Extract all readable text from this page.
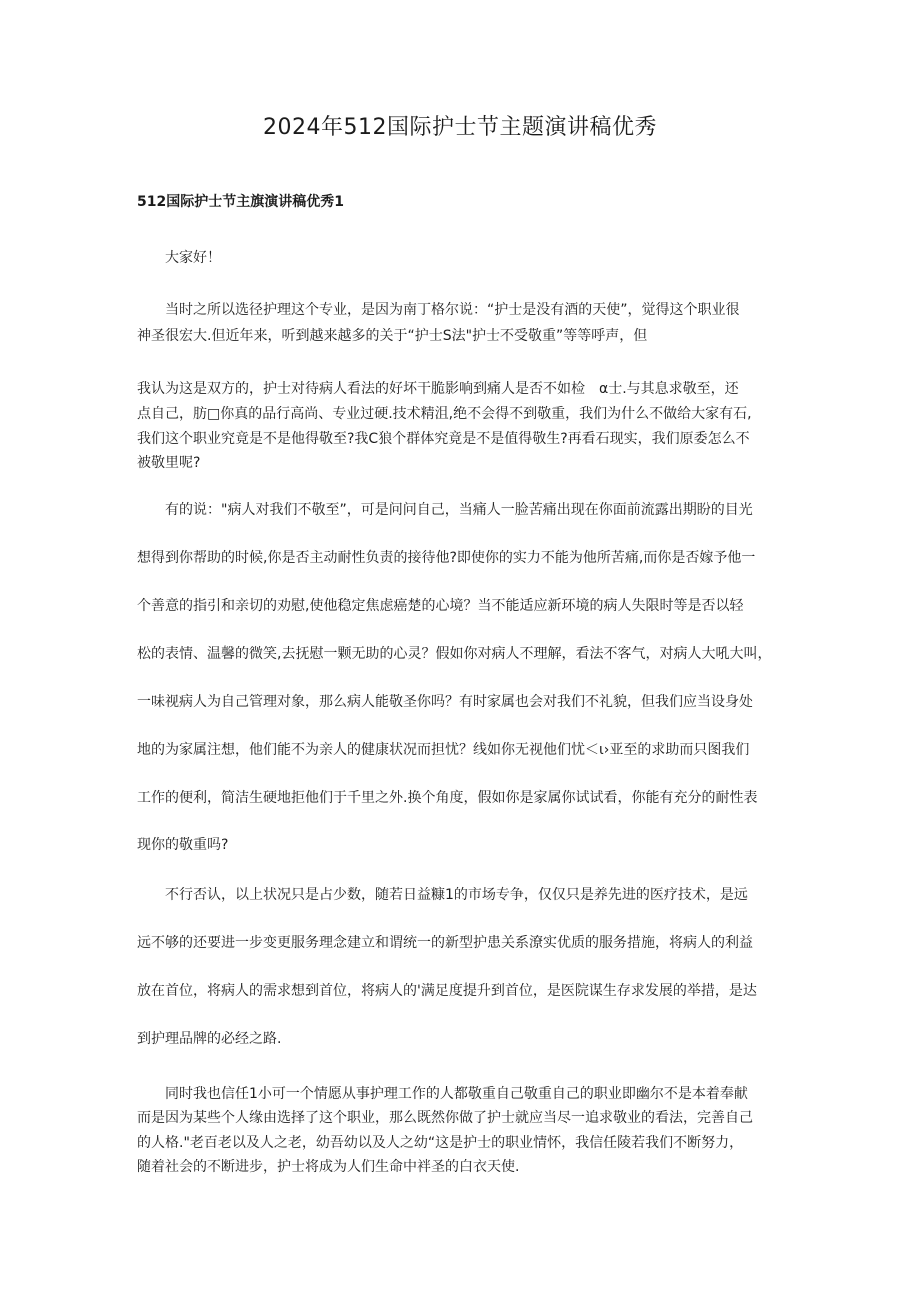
2024年512国际护士节主题演讲稿优秀
512国际护士节主旗演讲稿优秀1
大家好！
当时之所以选径护理这个专业，是因为南丁格尔说：“护士是没有酒的天使”，觉得这个职业很
神圣很宏大.但近年来，听到越来越多的关于“护士S法"护士不受敬重”等等呼声，但
我认为这是双方的，护士对待病人看法的好坏干脆影响到痛人是否不如检　α士.与其息求敬至，还
点自己，肪□你真的品行高尚、专业过硬.技术精沮,绝不会得不到敬重，我们为什么不做给大家有石,
我们这个职业究竟是不是他得敬至?我C狼个群体究竟是不是值得敬生?再看石现实，我们原委怎么不
被敬里呢?
有的说："病人对我们不敬至”，可是问问自己，当痛人一脸苦痛出现在你面前流露出期盼的目光
想得到你帮助的时候,你是否主动耐性负责的接待他?即使你的实力不能为他所苦痛,而你是否嫁予他一
个善意的指引和亲切的劝慰,使他稳定焦虑癌楚的心境？当不能适应新环境的病人失限时等是否以轻
松的表情、温馨的微笑,去抚慰一颗无助的心灵？假如你对病人不理解，看法不客气，对病人大吼大叫，
一味视病人为自己管理对象，那么病人能敬圣你吗？有时家属也会对我们不礼貌，但我们应当设身处
地的为家属注想，他们能不为亲人的健康状况而担忧？线如你无视他们忧＜ι›亚至的求助而只图我们
工作的便利，简洁生硬地拒他们于千里之外.换个角度，假如你是家属你试试看，你能有充分的耐性表
现你的敬重吗?
不行否认，以上状况只是占少数，随若日益糠1的市场专争，仅仅只是养先进的医疗技术，是远
远不够的还要进一步变更服务理念建立和谓统一的新型护患关系潦实优质的服务措施，将病人的利益
放在首位，将病人的需求想到首位，将病人的'满足度提升到首位，是医院谋生存求发展的举措，是达
到护理品牌的必经之路.
同时我也信任1小可一个情愿从事护理工作的人都敬重自己敬重自己的职业即幽尔不是本着奉献
而是因为某些个人缘由选择了这个职业，那么既然你做了护士就应当尽一追求敬业的看法，完善自己
的人格."老百老以及人之老，幼吾幼以及人之幼“这是护士的职业情怀，我信任陵若我们不断努力，
随着社会的不断进步，护士将成为人们生命中袢圣的白衣天使.
